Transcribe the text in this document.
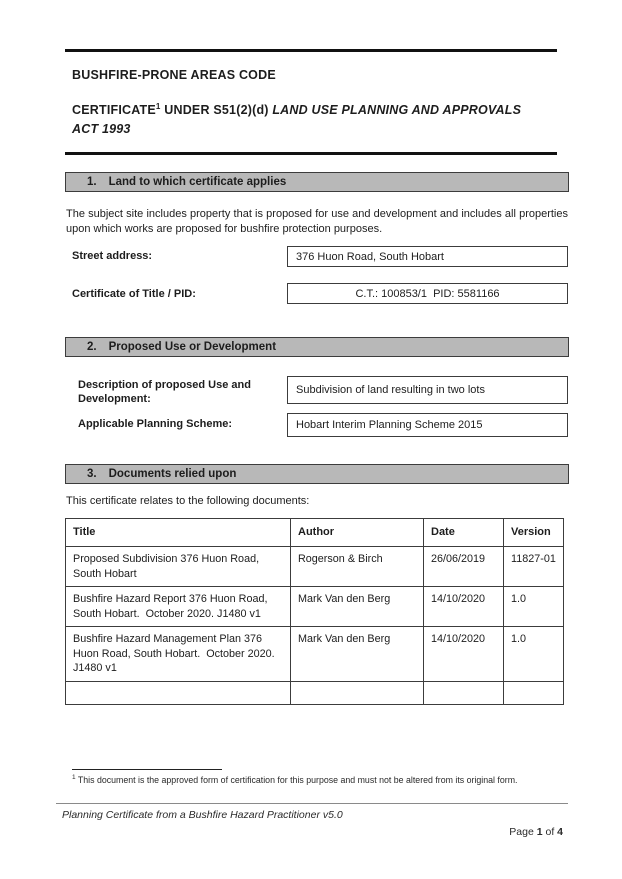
BUSHFIRE-PRONE AREAS CODE
CERTIFICATE$^1$ UNDER S51(2)(d) LAND USE PLANNING AND APPROVALS ACT 1993
1. Land to which certificate applies

The subject site includes property that is proposed for use and development and includes all properties upon which works are proposed for bushfire protection purposes.

Street address:	376 Huon Road, South Hobart
Certificate of Title / PID:	C.T.: 100853/1  PID: 5581166
2. Proposed Use or Development
Description of proposed Use and Development:
Subdivision of land resulting in two lots
Applicable Planning Scheme:	Hobart Interim Planning Scheme 2015
3. Documents relied upon

This certificate relates to the following documents:

Title	Author	Date	Version
Proposed Subdivision 376 Huon Road, South Hobart	Rogerson & Birch	26/06/2019	11827-01
Bushfire Hazard Report 376 Huon Road, South Hobart.  October 2020. J1480 v1	Mark Van den Berg	14/10/2020	1.0
Bushfire Hazard Management Plan 376 Huon Road, South Hobart.  October 2020. J1480 v1	Mark Van den Berg	14/10/2020	1.0

$^1$ This document is the approved form of certification for this purpose and must not be altered from its original form.
Planning Certificate from a Bushfire Hazard Practitioner v5.0
Page 1 of 4
